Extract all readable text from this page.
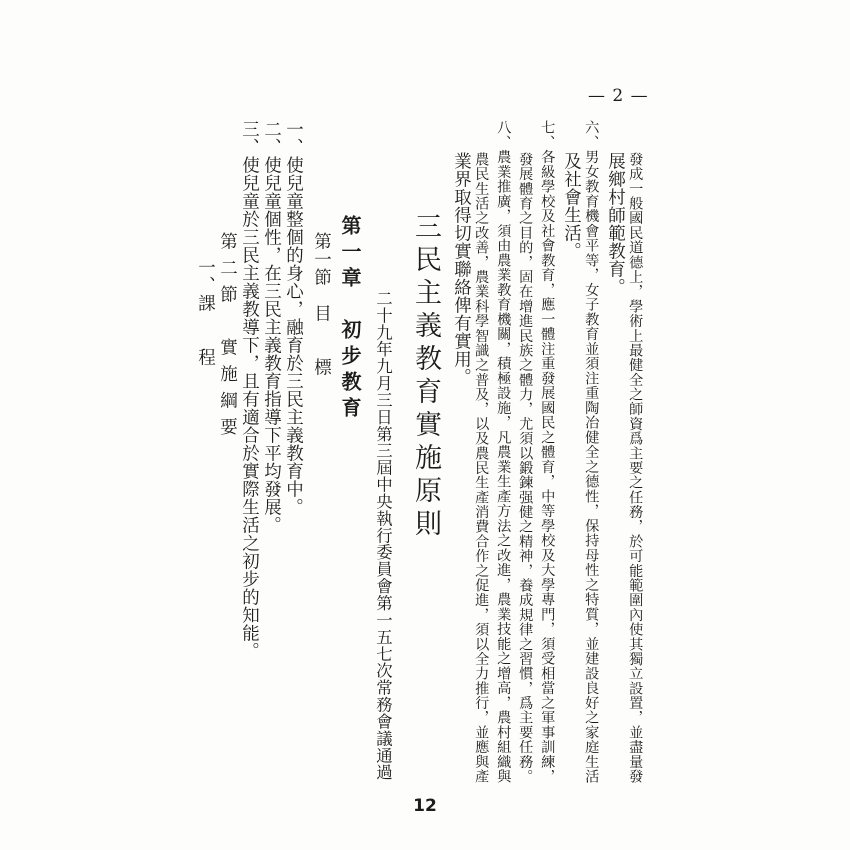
— 2 —
發成一般國民道德上，學術上最健全之師資爲主要之任務，於可能範圍內使其獨立設置，並盡量發
展鄉村師範教育。
六、男女教育機會平等，女子教育並須注重陶冶健全之德性，保持母性之特質，並建設良好之家庭生活
及社會生活。
七、各級學校及社會教育，應一體注重發展國民之體育，中等學校及大學專門，須受相當之軍事訓練，
發展體育之目的，固在增進民族之體力，尤須以鍛鍊强健之精神，養成規律之習慣，爲主要任務。
八、農業推廣，須由農業教育機關，積極設施，凡農業生產方法之改進，農業技能之增高，農村組織與
農民生活之改善，農業科學智識之普及，以及農民生產消費合作之促進，須以全力推行，並應與產
業界取得切實聯絡俾有實用。
三民主義教育實施原則
二十九年九月三日第三屆中央執行委員會第一五七次常務會議通過
第一章　初步教育
第一節　目　　標
一、使兒童整個的身心，融育於三民主義教育中。
二、使兒童個性，在三民主義教育指導下平均發展。
三、使兒童於三民主義教導下，且有適合於實際生活之初步的知能。
第二節　實施綱要
一、課　　程
12
